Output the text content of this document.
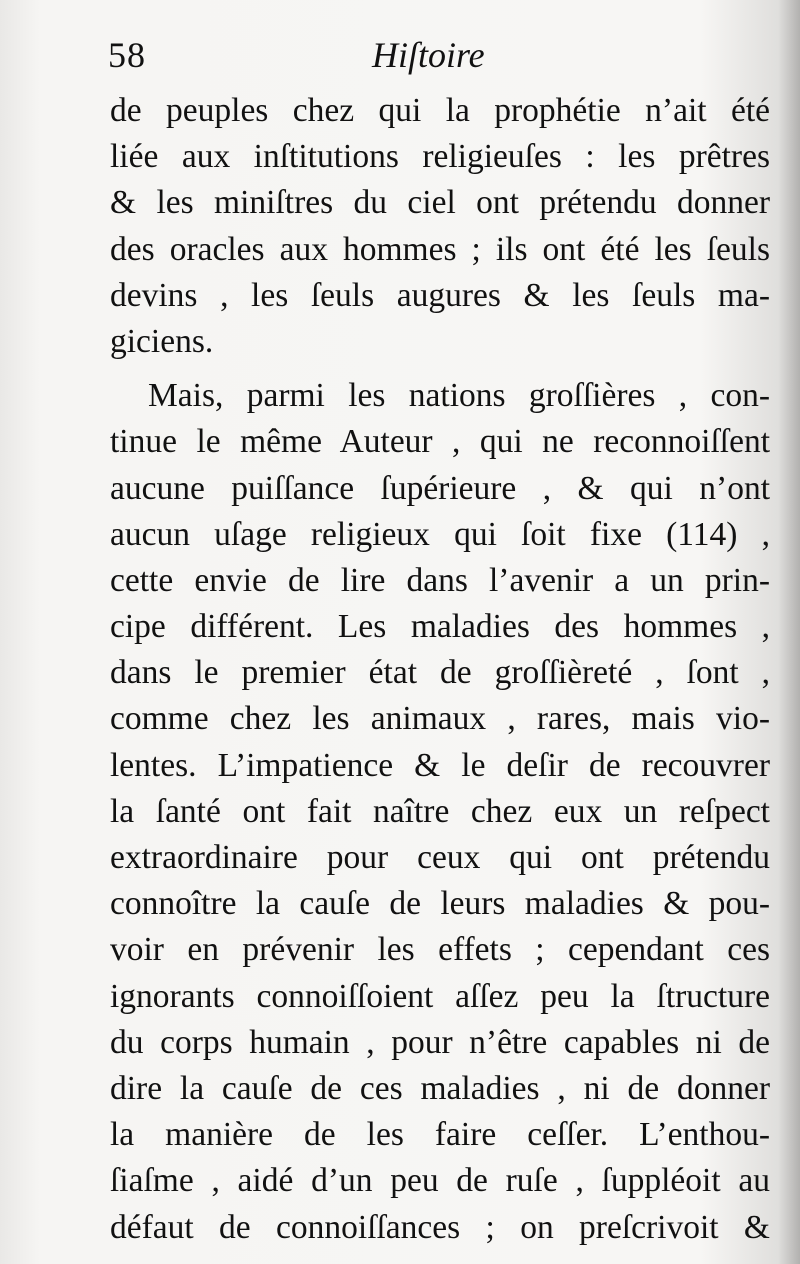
58	Hiſtoire
de peuples chez qui la prophétie n’ait été
liée aux inſtitutions religieuſes : les prêtres
& les miniſtres du ciel ont prétendu donner
des oracles aux hommes ; ils ont été les ſeuls
devins , les ſeuls augures & les ſeuls ma-
giciens.
Mais, parmi les nations groſſières , con-
tinue le même Auteur , qui ne reconnoiſſent
aucune puiſſance ſupérieure , & qui n’ont
aucun uſage religieux qui ſoit fixe (114) ,
cette envie de lire dans l’avenir a un prin-
cipe différent. Les maladies des hommes ,
dans le premier état de groſſièreté , ſont ,
comme chez les animaux , rares, mais vio-
lentes. L’impatience & le deſir de recouvrer
la ſanté ont fait naître chez eux un reſpect
extraordinaire pour ceux qui ont prétendu
connoître la cauſe de leurs maladies & pou-
voir en prévenir les effets ; cependant ces
ignorants connoiſſoient aſſez peu la ſtructure
du corps humain , pour n’être capables ni de
dire la cauſe de ces maladies , ni de donner
la manière de les faire ceſſer. L’enthou-
ſiaſme , aidé d’un peu de ruſe , ſuppléoit au
défaut de connoiſſances ; on preſcrivoit &
